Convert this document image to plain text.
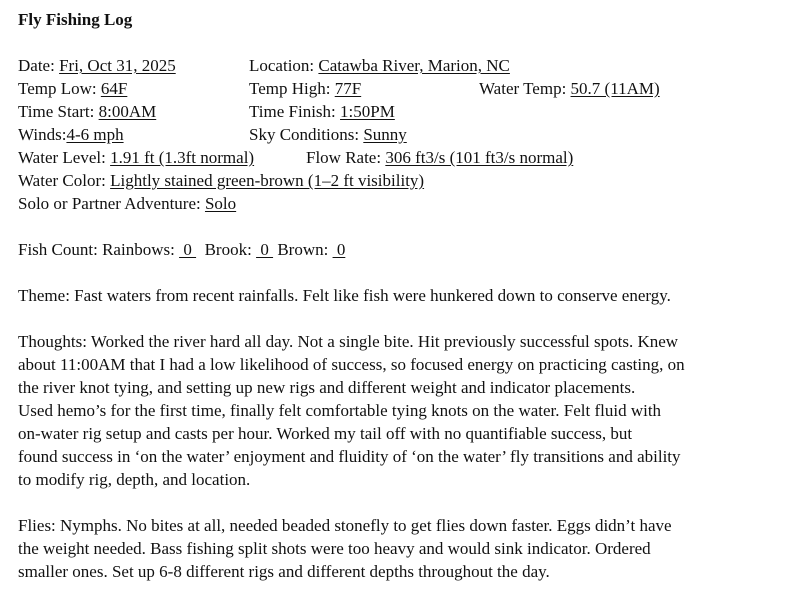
Fly Fishing Log
Date: Fri, Oct 31, 2025	Location: Catawba River, Marion, NC
Temp Low: 64F	Temp High: 77F	Water Temp: 50.7 (11AM)
Time Start: 8:00AM	Time Finish: 1:50PM
Winds:4-6 mph	Sky Conditions: Sunny
Water Level: 1.91 ft (1.3ft normal)	Flow Rate: 306 ft3/s (101 ft3/s normal)
Water Color: Lightly stained green-brown (1–2 ft visibility)
Solo or Partner Adventure: Solo
Fish Count: Rainbows:  0   Brook:  0  Brown:  0
Theme: Fast waters from recent rainfalls. Felt like fish were hunkered down to conserve energy.
Thoughts: Worked the river hard all day. Not a single bite. Hit previously successful spots. Knew
about 11:00AM that I had a low likelihood of success, so focused energy on practicing casting, on
the river knot tying, and setting up new rigs and different weight and indicator placements.
Used hemo’s for the first time, finally felt comfortable tying knots on the water. Felt fluid with
on-water rig setup and casts per hour. Worked my tail off with no quantifiable success, but
found success in ‘on the water’ enjoyment and fluidity of ‘on the water’ fly transitions and ability
to modify rig, depth, and location.
Flies: Nymphs. No bites at all, needed beaded stonefly to get flies down faster. Eggs didn’t have
the weight needed. Bass fishing split shots were too heavy and would sink indicator. Ordered
smaller ones. Set up 6-8 different rigs and different depths throughout the day.
